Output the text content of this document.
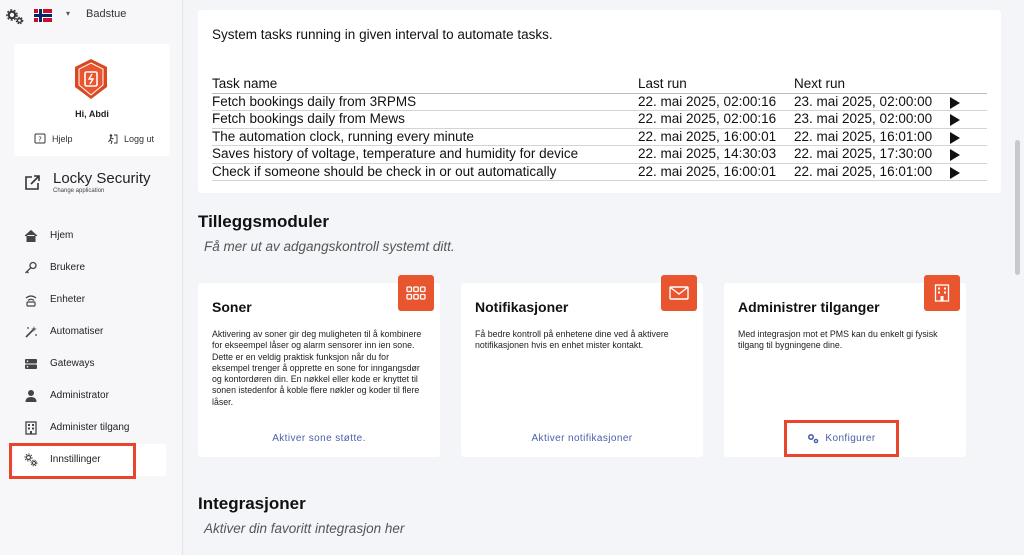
▾ Badstue
Hi, Abdi
? Hjelp	Logg ut
Locky Security
Change application
Hjem
Brukere
Enheter
Automatiser
Gateways
Administrator
Administer tilgang
Innstillinger
System tasks running in given interval to automate tasks.
Task name	Last run	Next run
Fetch bookings daily from 3RPMS	22. mai 2025, 02:00:16 23. mai 2025, 02:00:00
Fetch bookings daily from Mews	22. mai 2025, 02:00:16 23. mai 2025, 02:00:00
The automation clock, running every minute	22. mai 2025, 16:00:01 22. mai 2025, 16:01:00
Saves history of voltage, temperature and humidity for device	22. mai 2025, 14:30:03 22. mai 2025, 17:30:00
Check if someone should be check in or out automatically	22. mai 2025, 16:00:01 22. mai 2025, 16:01:00
Tilleggsmoduler
Få mer ut av adgangskontroll systemt ditt.
Soner
Aktivering av soner gir deg muligheten til å kombinere for ekseempel låser og alarm sensorer inn ien sone. Dette er en veldig praktisk funksjon når du for eksempel trenger å opprette en sone for inngangsdør og kontordøren din. En nøkkel eller kode er knyttet til sonen istedenfor å koble flere nøkler og koder til flere låser.
Aktiver sone støtte.
Notifikasjoner
Få bedre kontroll på enhetene dine ved å aktivere notifikasjonen hvis en enhet mister kontakt.
Aktiver notifikasjoner
Administrer tilganger
Med integrasjon mot et PMS kan du enkelt gi fysisk tilgang til bygningene dine.
Konfigurer
Integrasjoner
Aktiver din favoritt integrasjon her
